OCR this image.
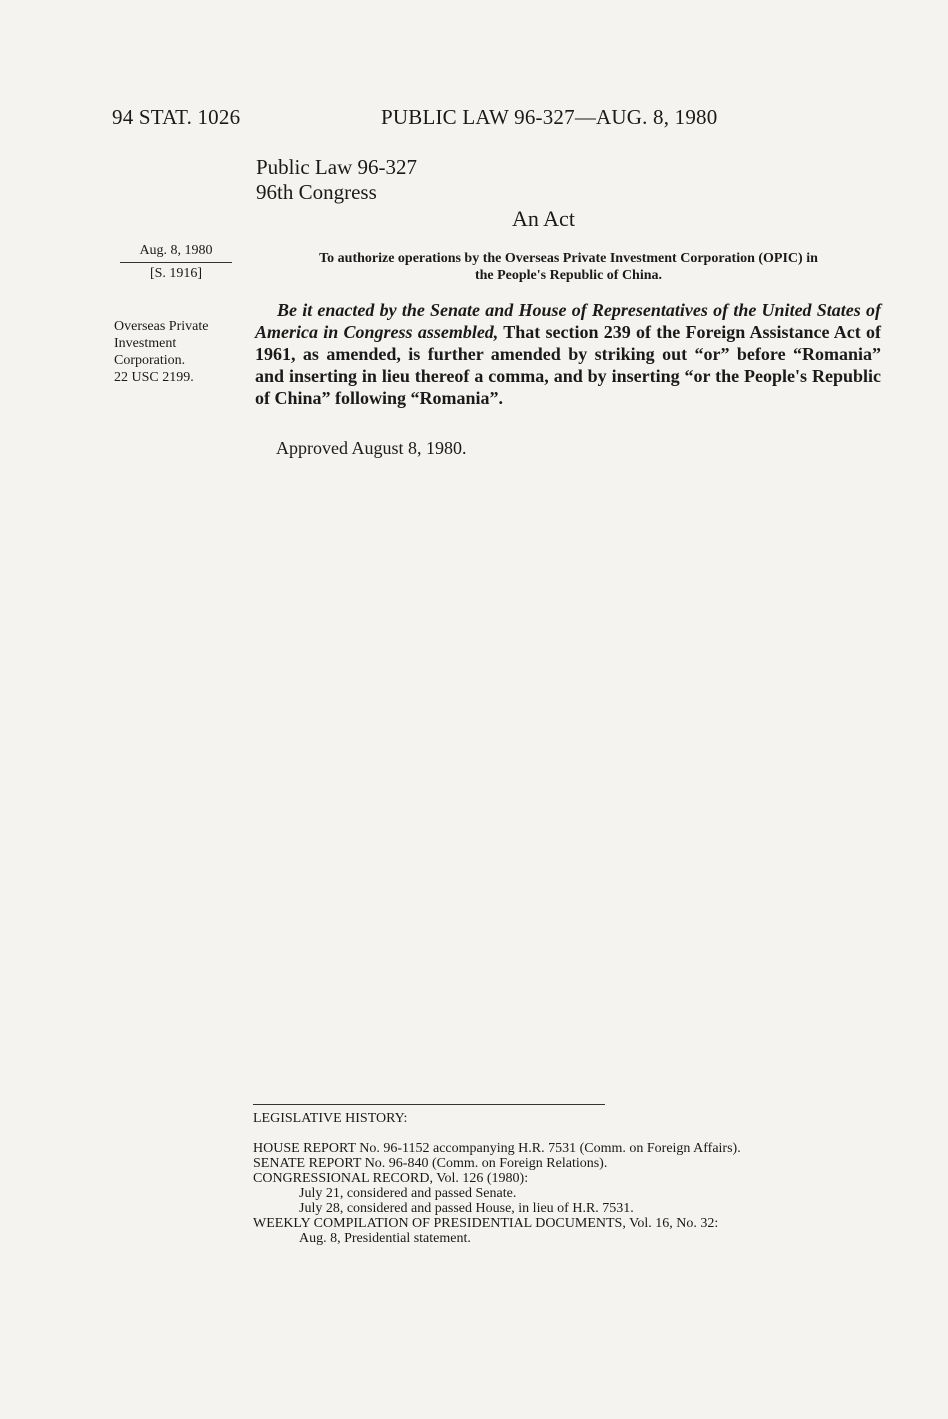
94 STAT. 1026	PUBLIC LAW 96-327—AUG. 8, 1980
Public Law 96-327
96th Congress
An Act
Aug. 8, 1980
[S. 1916]
To authorize operations by the Overseas Private Investment Corporation (OPIC) in
the People's Republic of China.
Overseas Private
Investment
Corporation.
22 USC 2199.

Be it enacted by the Senate and House of Representatives of the United States of America in Congress assembled, That section 239 of the Foreign Assistance Act of 1961, as amended, is further amended by striking out “or” before “Romania” and inserting in lieu thereof a comma, and by inserting “or the People's Republic of China” following “Romania”.

Approved August 8, 1980.
LEGISLATIVE HISTORY:
HOUSE REPORT No. 96-1152 accompanying H.R. 7531 (Comm. on Foreign Affairs).
SENATE REPORT No. 96-840 (Comm. on Foreign Relations).
CONGRESSIONAL RECORD, Vol. 126 (1980):
July 21, considered and passed Senate.
July 28, considered and passed House, in lieu of H.R. 7531.
WEEKLY COMPILATION OF PRESIDENTIAL DOCUMENTS, Vol. 16, No. 32:
Aug. 8, Presidential statement.
